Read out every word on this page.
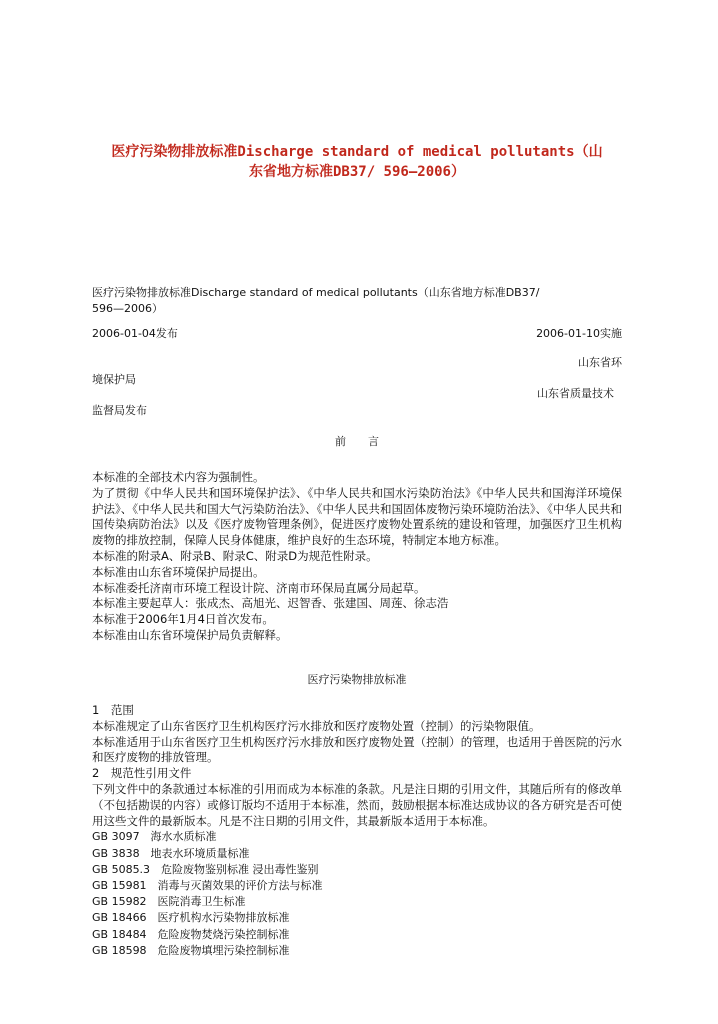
医疗污染物排放标准Discharge standard of medical pollutants（山
东省地方标准DB37/ 596—2006）
医疗污染物排放标准Discharge standard of medical pollutants（山东省地方标准DB37/
596—2006）
2006-01-04发布	2006-01-10实施
山东省环
境保护局
山东省质量技术
监督局发布
前　　言

本标准的全部技术内容为强制性。

为了贯彻《中华人民共和国环境保护法》、《中华人民共和国水污染防治法》《中华人民共和国海洋环境保护法》、《中华人民共和国大气污染防治法》、《中华人民共和国固体废物污染环境防治法》、《中华人民共和国传染病防治法》以及《医疗废物管理条例》，促进医疗废物处置系统的建设和管理，加强医疗卫生机构废物的排放控制，保障人民身体健康，维护良好的生态环境，特制定本地方标准。

本标准的附录A、附录B、附录C、附录D为规范性附录。

本标准由山东省环境保护局提出。

本标准委托济南市环境工程设计院、济南市环保局直属分局起草。

本标准主要起草人：张成杰、高旭光、迟智香、张建国、周莲、徐志浩

本标准于2006年1月4日首次发布。

本标准由山东省环境保护局负责解释。

医疗污染物排放标准

1　范围

本标准规定了山东省医疗卫生机构医疗污水排放和医疗废物处置（控制）的污染物限值。

本标准适用于山东省医疗卫生机构医疗污水排放和医疗废物处置（控制）的管理，也适用于兽医院的污水和医疗废物的排放管理。

2　规范性引用文件

下列文件中的条款通过本标准的引用而成为本标准的条款。凡是注日期的引用文件，其随后所有的修改单（不包括勘误的内容）或修订版均不适用于本标准，然而，鼓励根据本标准达成协议的各方研究是否可使用这些文件的最新版本。凡是不注日期的引用文件，其最新版本适用于本标准。

GB 3097　海水水质标准
GB 3838　地表水环境质量标准
GB 5085.3　危险废物鉴别标准 浸出毒性鉴别
GB 15981　消毒与灭菌效果的评价方法与标准
GB 15982　医院消毒卫生标准
GB 18466　医疗机构水污染物排放标准
GB 18484　危险废物焚烧污染控制标准
GB 18598　危险废物填埋污染控制标准
